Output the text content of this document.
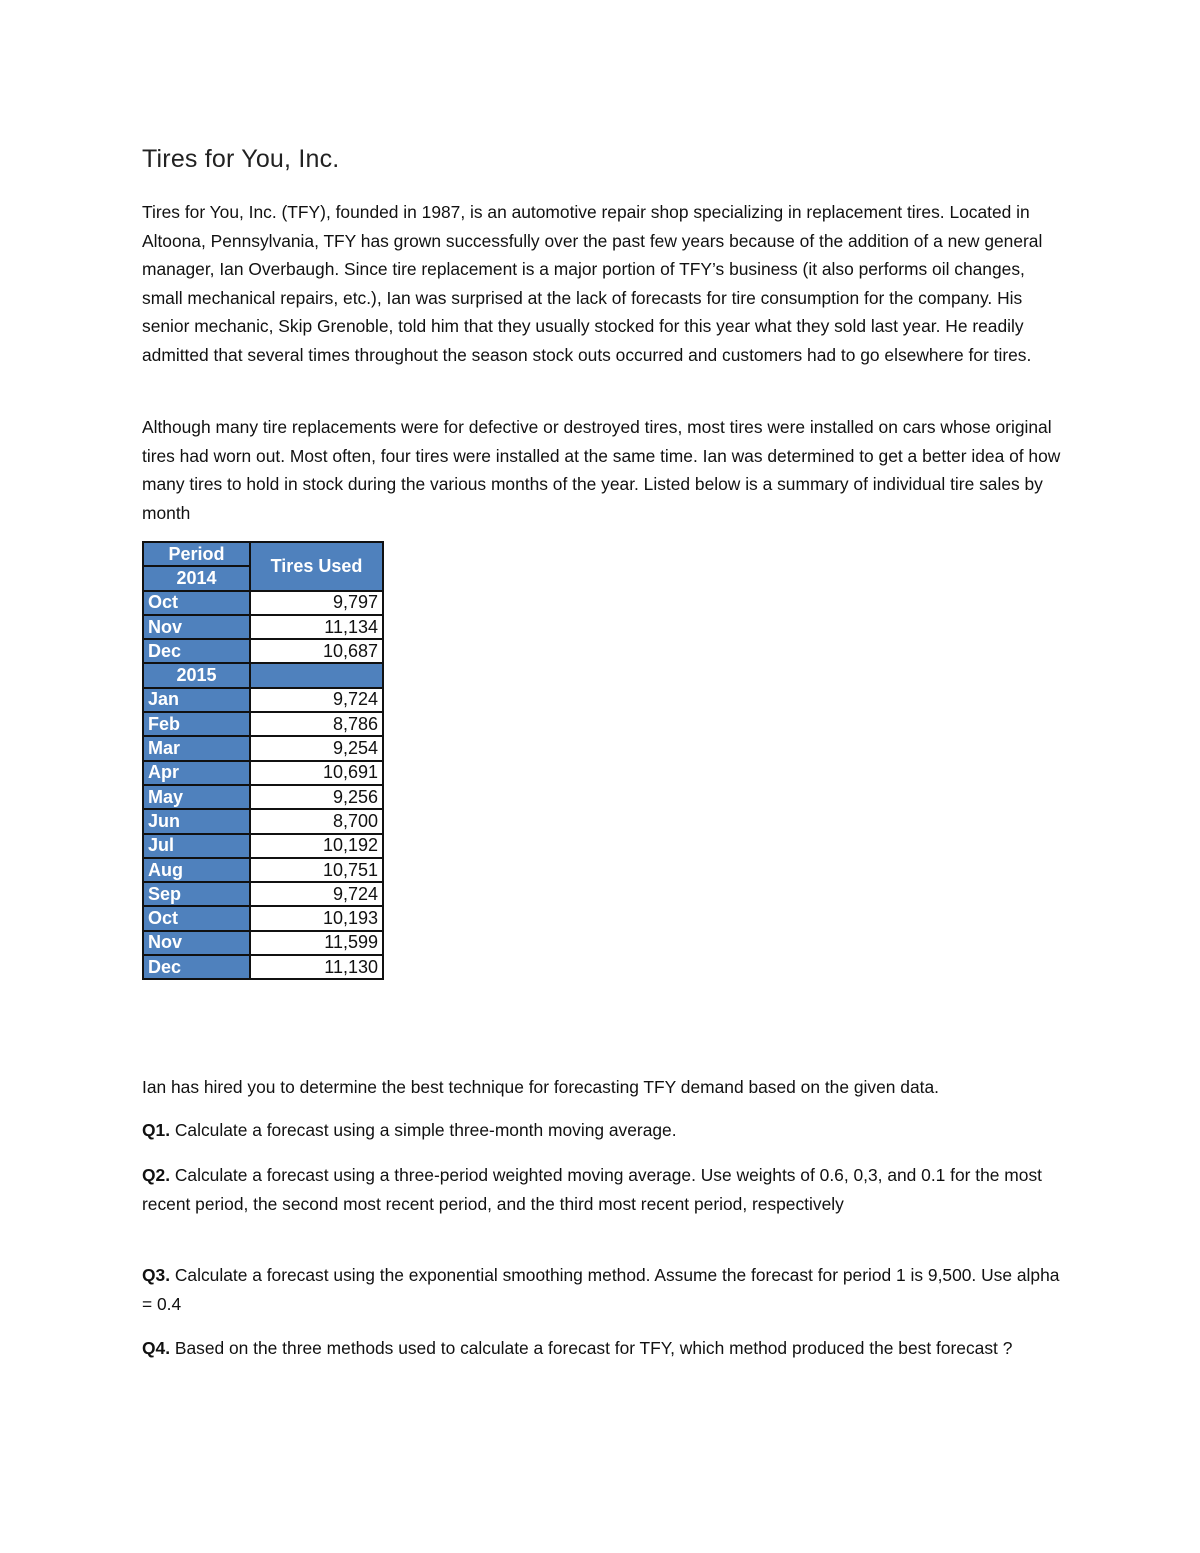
Tires for You, Inc.

Tires for You, Inc. (TFY), founded in 1987, is an automotive repair shop specializing in replacement tires. Located in Altoona, Pennsylvania, TFY has grown successfully over the past few years because of the addition of a new general manager, Ian Overbaugh. Since tire replacement is a major portion of TFY’s business (it also performs oil changes, small mechanical repairs, etc.), Ian was surprised at the lack of forecasts for tire consumption for the company. His senior mechanic, Skip Grenoble, told him that they usually stocked for this year what they sold last year. He readily admitted that several times throughout the season stock outs occurred and customers had to go elsewhere for tires.

Although many tire replacements were for defective or destroyed tires, most tires were installed on cars whose original tires had worn out. Most often, four tires were installed at the same time. Ian was determined to get a better idea of how many tires to hold in stock during the various months of the year. Listed below is a summary of individual tire sales by month

Period	Tires Used
2014	
Oct	9,797
Nov	11,134
Dec	10,687
2015	
Jan	9,724
Feb	8,786
Mar	9,254
Apr	10,691
May	9,256
Jun	8,700
Jul	10,192
Aug	10,751
Sep	9,724
Oct	10,193
Nov	11,599
Dec	11,130

Ian has hired you to determine the best technique for forecasting TFY demand based on the given data.

Q1. Calculate a forecast using a simple three-month moving average.

Q2. Calculate a forecast using a three-period weighted moving average. Use weights of 0.6, 0,3, and 0.1 for the most recent period, the second most recent period, and the third most recent period, respectively

Q3. Calculate a forecast using the exponential smoothing method. Assume the forecast for period 1 is 9,500. Use alpha = 0.4

Q4. Based on the three methods used to calculate a forecast for TFY, which method produced the best forecast ?
